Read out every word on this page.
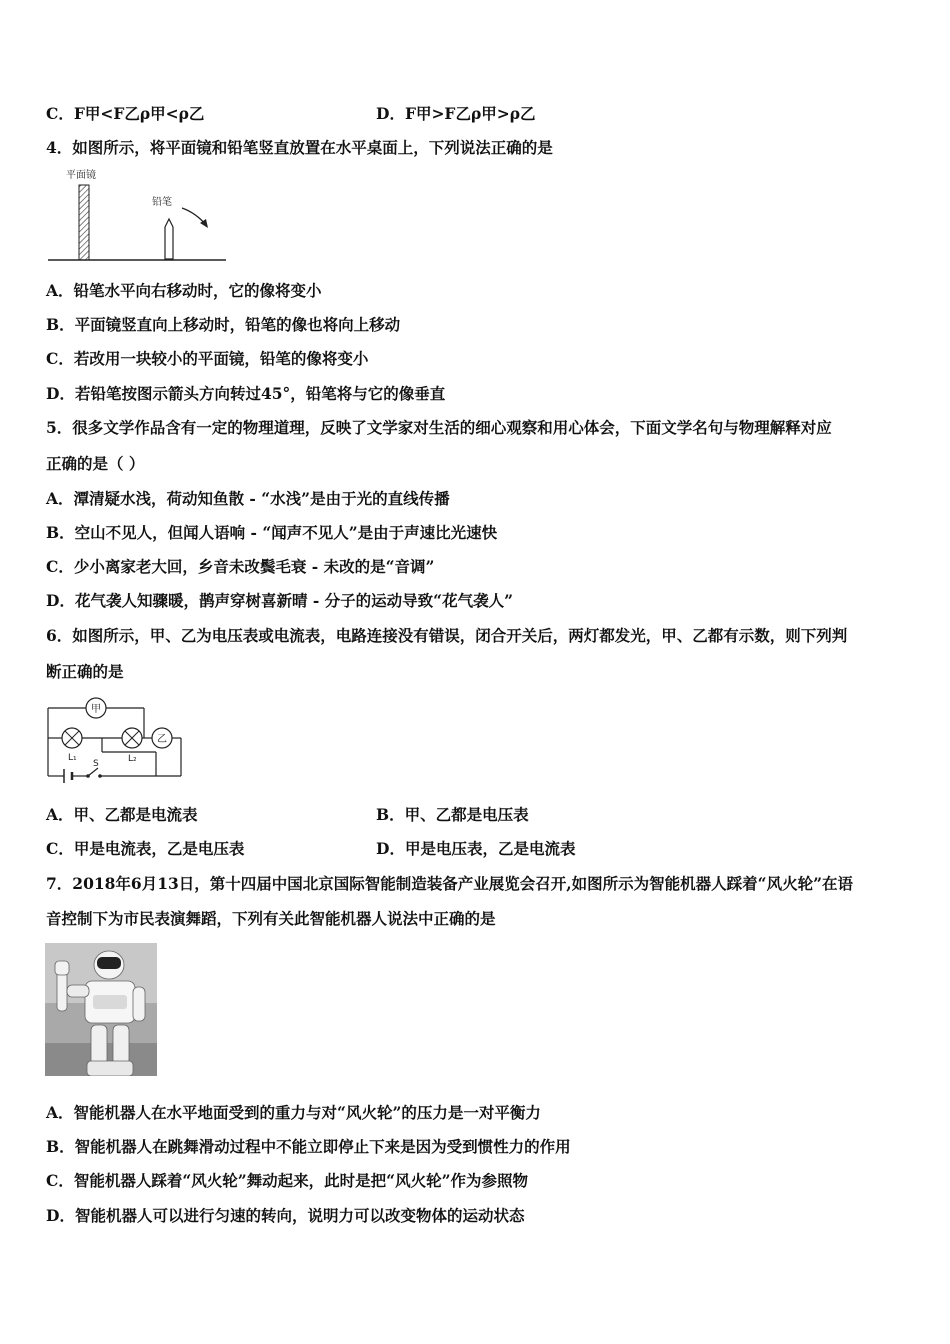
C．F甲<F乙ρ甲<ρ乙	D．F甲>F乙ρ甲>ρ乙
4．如图所示，将平面镜和铅笔竖直放置在水平桌面上，下列说法正确的是
平面镜
铅笔
A．铅笔水平向右移动时，它的像将变小
B．平面镜竖直向上移动时，铅笔的像也将向上移动
C．若改用一块较小的平面镜，铅笔的像将变小
D．若铅笔按图示箭头方向转过45°，铅笔将与它的像垂直
5．很多文学作品含有一定的物理道理，反映了文学家对生活的细心观察和用心体会，下面文学名句与物理解释对应
正确的是（ ）
A．潭清疑水浅，荷动知鱼散 - “水浅”是由于光的直线传播
B．空山不见人，但闻人语响 - “闻声不见人”是由于声速比光速快
C．少小离家老大回，乡音未改鬓毛衰 - 未改的是“音调”
D．花气袭人知骤暖，鹊声穿树喜新晴 - 分子的运动导致“花气袭人”
6．如图所示，甲、乙为电压表或电流表，电路连接没有错误，闭合开关后，两灯都发光，甲、乙都有示数，则下列判
断正确的是
甲
L₁	L₂
乙
S
A．甲、乙都是电流表	B．甲、乙都是电压表
C．甲是电流表，乙是电压表	D．甲是电压表，乙是电流表
7．2018年6月13日，第十四届中国北京国际智能制造装备产业展览会召开,如图所示为智能机器人踩着“风火轮”在语
音控制下为市民表演舞蹈，下列有关此智能机器人说法中正确的是
A．智能机器人在水平地面受到的重力与对“风火轮”的压力是一对平衡力
B．智能机器人在跳舞滑动过程中不能立即停止下来是因为受到惯性力的作用
C．智能机器人踩着“风火轮”舞动起来，此时是把“风火轮”作为参照物
D．智能机器人可以进行匀速的转向，说明力可以改变物体的运动状态
